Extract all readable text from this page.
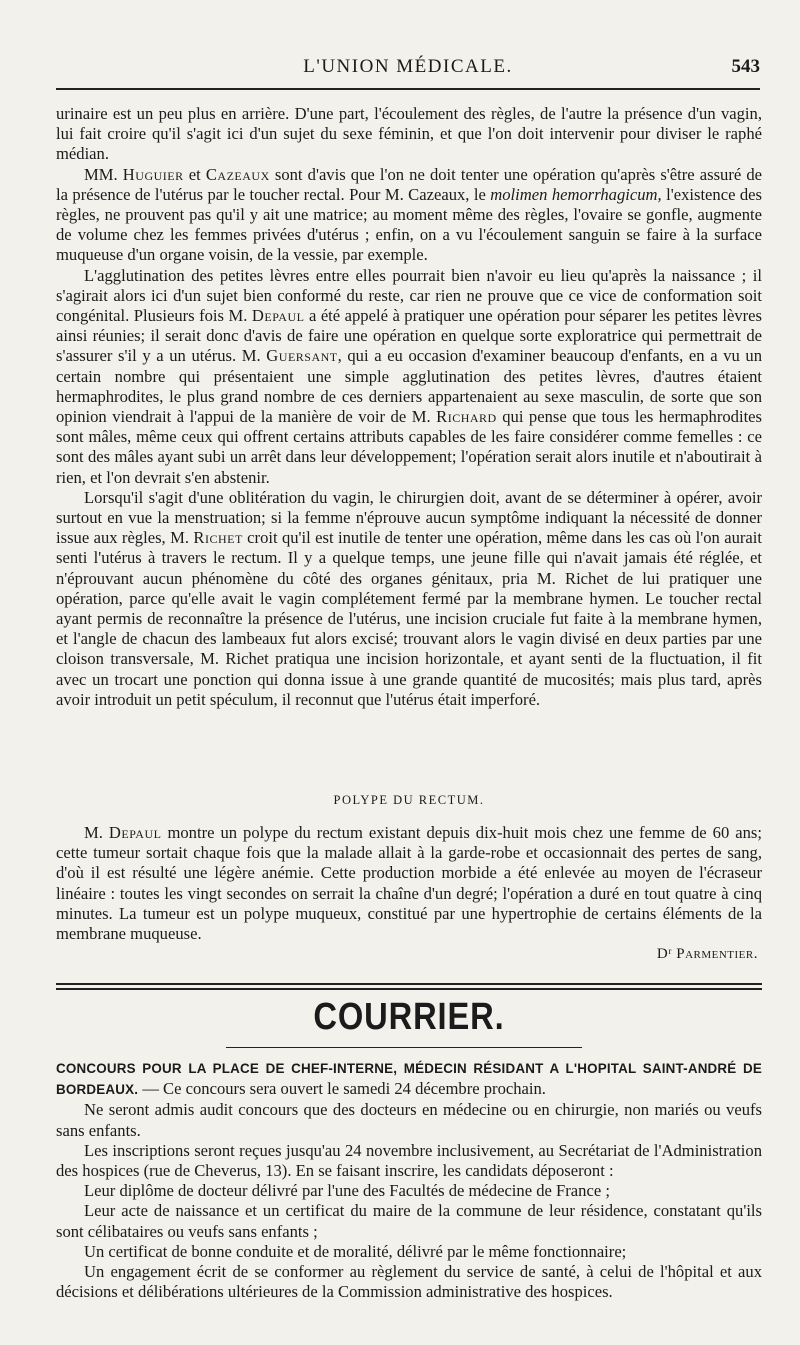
L'UNION MÉDICALE.	543

urinaire est un peu plus en arrière. D'une part, l'écoulement des règles, de l'autre la présence d'un vagin, lui fait croire qu'il s'agit ici d'un sujet du sexe féminin, et que l'on doit intervenir pour diviser le raphé médian.

MM. Huguier et Cazeaux sont d'avis que l'on ne doit tenter une opération qu'après s'être assuré de la présence de l'utérus par le toucher rectal. Pour M. Cazeaux, le molimen hemorrhagicum, l'existence des règles, ne prouvent pas qu'il y ait une matrice; au moment même des règles, l'ovaire se gonfle, augmente de volume chez les femmes privées d'utérus ; enfin, on a vu l'écoulement sanguin se faire à la surface muqueuse d'un organe voisin, de la vessie, par exemple.

L'agglutination des petites lèvres entre elles pourrait bien n'avoir eu lieu qu'après la naissance ; il s'agirait alors ici d'un sujet bien conformé du reste, car rien ne prouve que ce vice de conformation soit congénital. Plusieurs fois M. Depaul a été appelé à pratiquer une opération pour séparer les petites lèvres ainsi réunies; il serait donc d'avis de faire une opération en quelque sorte exploratrice qui permettrait de s'assurer s'il y a un utérus. M. Guersant, qui a eu occasion d'examiner beaucoup d'enfants, en a vu un certain nombre qui présentaient une simple agglutination des petites lèvres, d'autres étaient hermaphrodites, le plus grand nombre de ces derniers appartenaient au sexe masculin, de sorte que son opinion viendrait à l'appui de la manière de voir de M. Richard qui pense que tous les hermaphrodites sont mâles, même ceux qui offrent certains attributs capables de les faire considérer comme femelles : ce sont des mâles ayant subi un arrêt dans leur développement; l'opération serait alors inutile et n'aboutirait à rien, et l'on devrait s'en abstenir.

Lorsqu'il s'agit d'une oblitération du vagin, le chirurgien doit, avant de se déterminer à opérer, avoir surtout en vue la menstruation; si la femme n'éprouve aucun symptôme indiquant la nécessité de donner issue aux règles, M. Richet croit qu'il est inutile de tenter une opération, même dans les cas où l'on aurait senti l'utérus à travers le rectum. Il y a quelque temps, une jeune fille qui n'avait jamais été réglée, et n'éprouvant aucun phénomène du côté des organes génitaux, pria M. Richet de lui pratiquer une opération, parce qu'elle avait le vagin complétement fermé par la membrane hymen. Le toucher rectal ayant permis de reconnaître la présence de l'utérus, une incision cruciale fut faite à la membrane hymen, et l'angle de chacun des lambeaux fut alors excisé; trouvant alors le vagin divisé en deux parties par une cloison transversale, M. Richet pratiqua une incision horizontale, et ayant senti de la fluctuation, il fit avec un trocart une ponction qui donna issue à une grande quantité de mucosités; mais plus tard, après avoir introduit un petit spéculum, il reconnut que l'utérus était imperforé.

POLYPE DU RECTUM.

M. Depaul montre un polype du rectum existant depuis dix-huit mois chez une femme de 60 ans; cette tumeur sortait chaque fois que la malade allait à la garde-robe et occasionnait des pertes de sang, d'où il est résulté une légère anémie. Cette production morbide a été enlevée au moyen de l'écraseur linéaire : toutes les vingt secondes on serrait la chaîne d'un degré; l'opération a duré en tout quatre à cinq minutes. La tumeur est un polype muqueux, constitué par une hypertrophie de certains éléments de la membrane muqueuse.

Dʳ Parmentier.
COURRIER.

CONCOURS POUR LA PLACE DE CHEF-INTERNE, MÉDECIN RÉSIDANT A L'HOPITAL SAINT-ANDRÉ DE BORDEAUX. — Ce concours sera ouvert le samedi 24 décembre prochain.

Ne seront admis audit concours que des docteurs en médecine ou en chirurgie, non mariés ou veufs sans enfants.

Les inscriptions seront reçues jusqu'au 24 novembre inclusivement, au Secrétariat de l'Administration des hospices (rue de Cheverus, 13). En se faisant inscrire, les candidats déposeront :

Leur diplôme de docteur délivré par l'une des Facultés de médecine de France ;

Leur acte de naissance et un certificat du maire de la commune de leur résidence, constatant qu'ils sont célibataires ou veufs sans enfants ;

Un certificat de bonne conduite et de moralité, délivré par le même fonctionnaire;

Un engagement écrit de se conformer au règlement du service de santé, à celui de l'hôpital et aux décisions et délibérations ultérieures de la Commission administrative des hospices.
